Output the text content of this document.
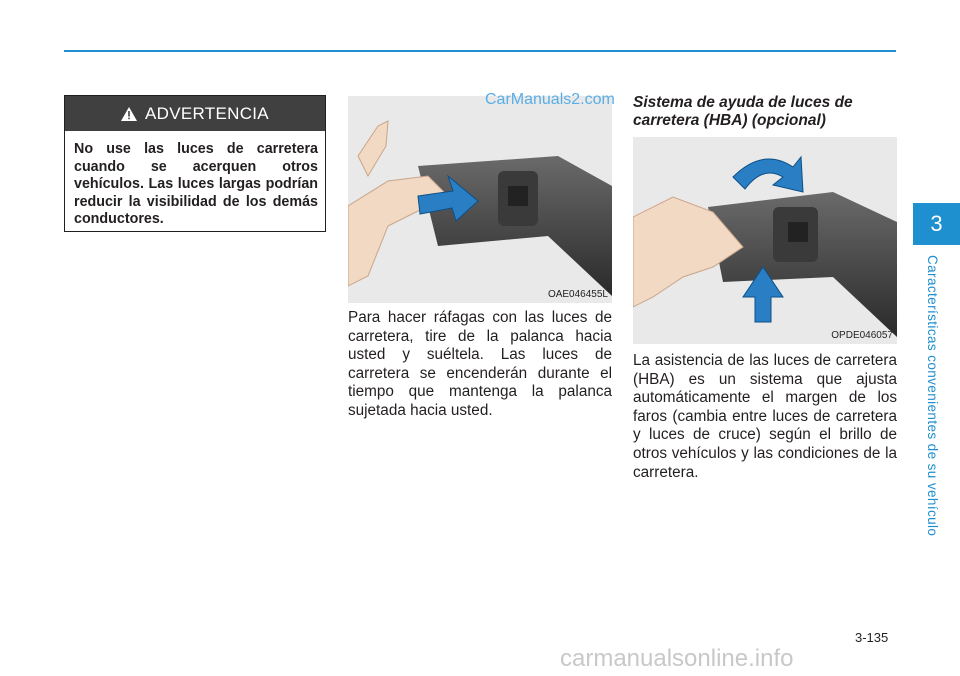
ADVERTENCIA
No use las luces de carretera cuando se acerquen otros vehículos. Las luces largas podrían reducir la visibilidad de los demás conductores.
OAE046455L
CarManuals2.com

Para hacer ráfagas con las luces de carretera, tire de la palanca hacia usted y suéltela. Las luces de carretera se encenderán durante el tiempo que mantenga la palanca sujetada hacia usted.

Sistema de ayuda de luces de carretera (HBA) (opcional)
OPDE046057

La asistencia de las luces de carretera (HBA) es un sistema que ajusta automáticamente el margen de los faros (cambia entre luces de carretera y luces de cruce) según el brillo de otros vehículos y las condiciones de la carretera.

3
Características convenientes de su vehículo
3-135
carmanualsonline.info
